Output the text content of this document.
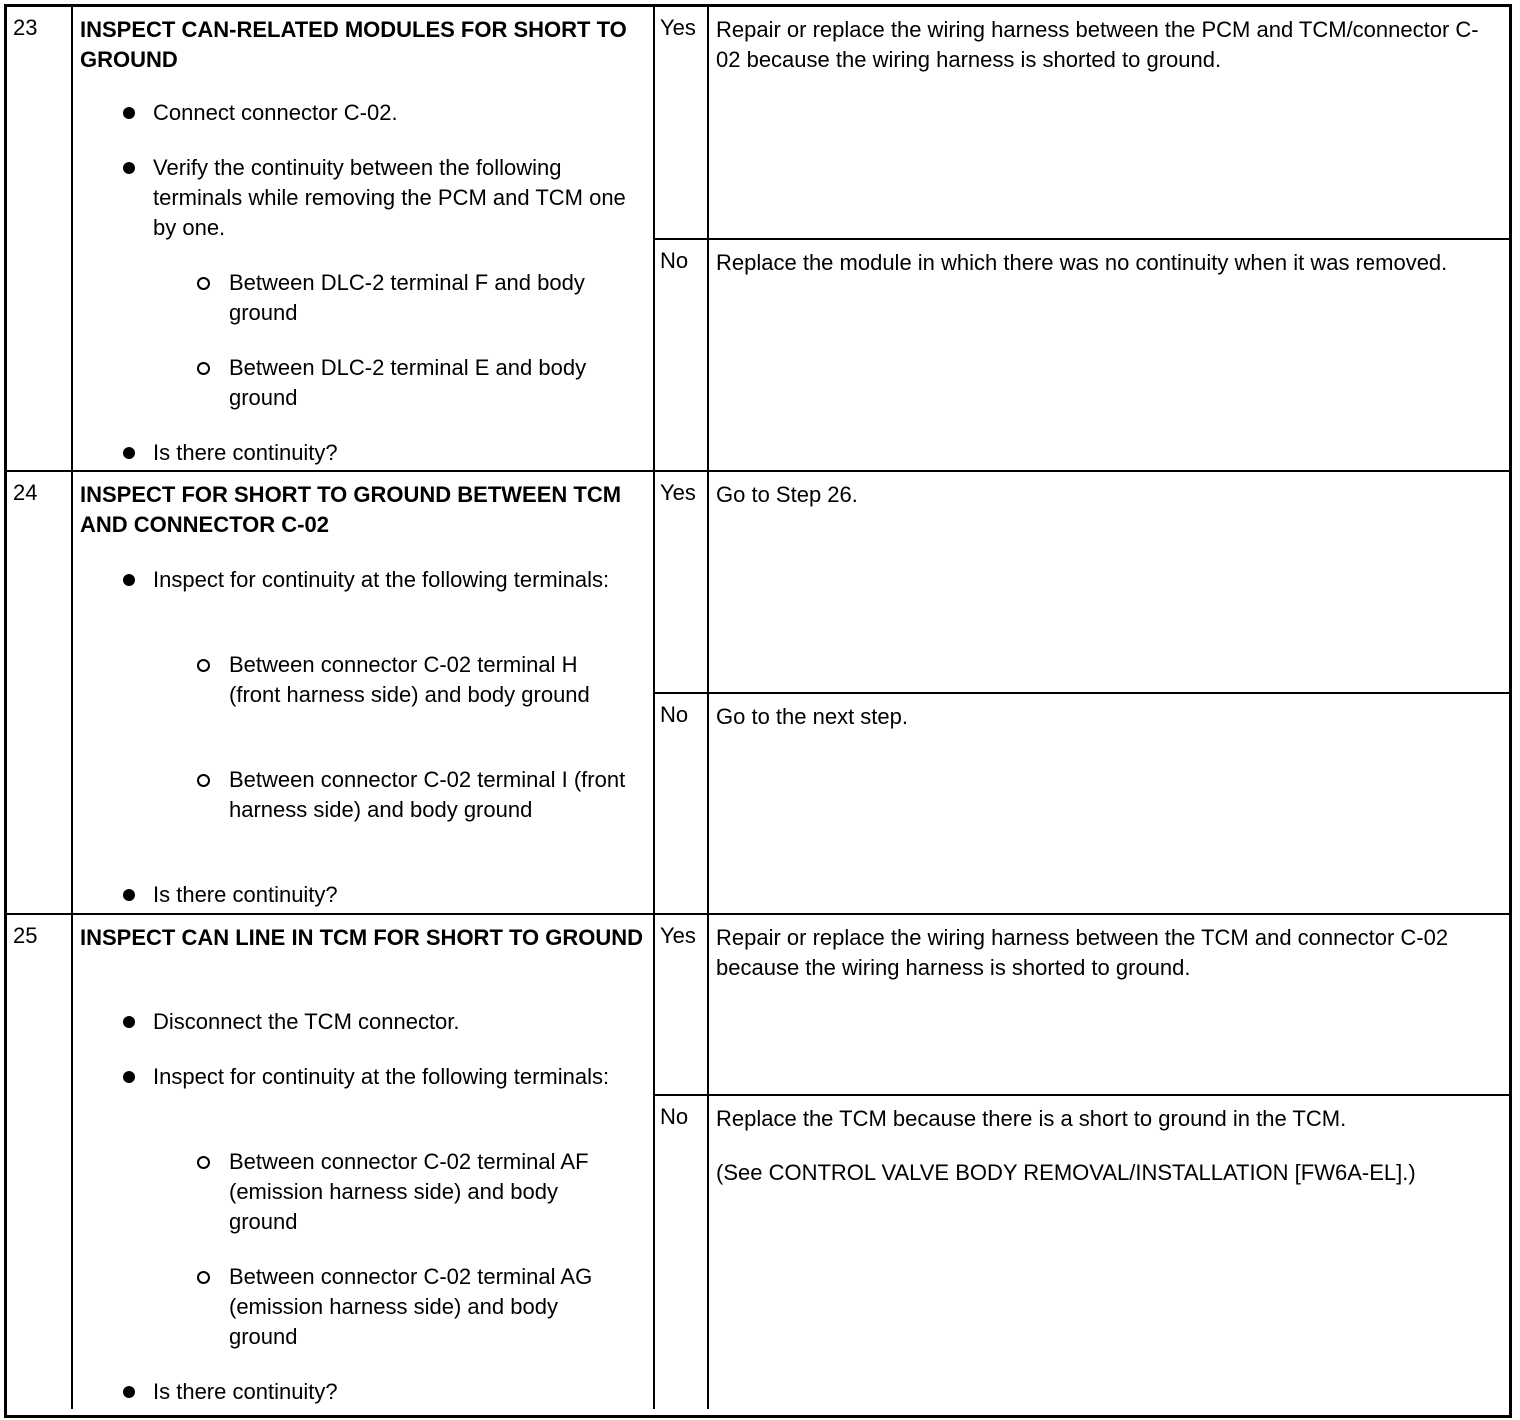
23 INSPECT CAN-RELATED MODULES FOR SHORT TO GROUND
Connect connector C-02.
Verify the continuity between the following terminals while removing the PCM and TCM one by one.
Between DLC-2 terminal F and body ground
Between DLC-2 terminal E and body ground
Is there continuity?
Yes Repair or replace the wiring harness between the PCM and TCM/connector C-02 because the wiring harness is shorted to ground.
No Replace the module in which there was no continuity when it was removed.
24 INSPECT FOR SHORT TO GROUND BETWEEN TCM AND CONNECTOR C-02
Inspect for continuity at the following terminals:
Between connector C-02 terminal H (front harness side) and body ground
Between connector C-02 terminal I (front harness side) and body ground
Is there continuity?
Yes Go to Step 26.
No Go to the next step.
25 INSPECT CAN LINE IN TCM FOR SHORT TO GROUND
Disconnect the TCM connector.
Inspect for continuity at the following terminals:
Between connector C-02 terminal AF (emission harness side) and body ground
Between connector C-02 terminal AG (emission harness side) and body ground
Is there continuity?
Yes Repair or replace the wiring harness between the TCM and connector C-02 because the wiring harness is shorted to ground.
No Replace the TCM because there is a short to ground in the TCM.

(See CONTROL VALVE BODY REMOVAL/INSTALLATION [FW6A-EL].)
